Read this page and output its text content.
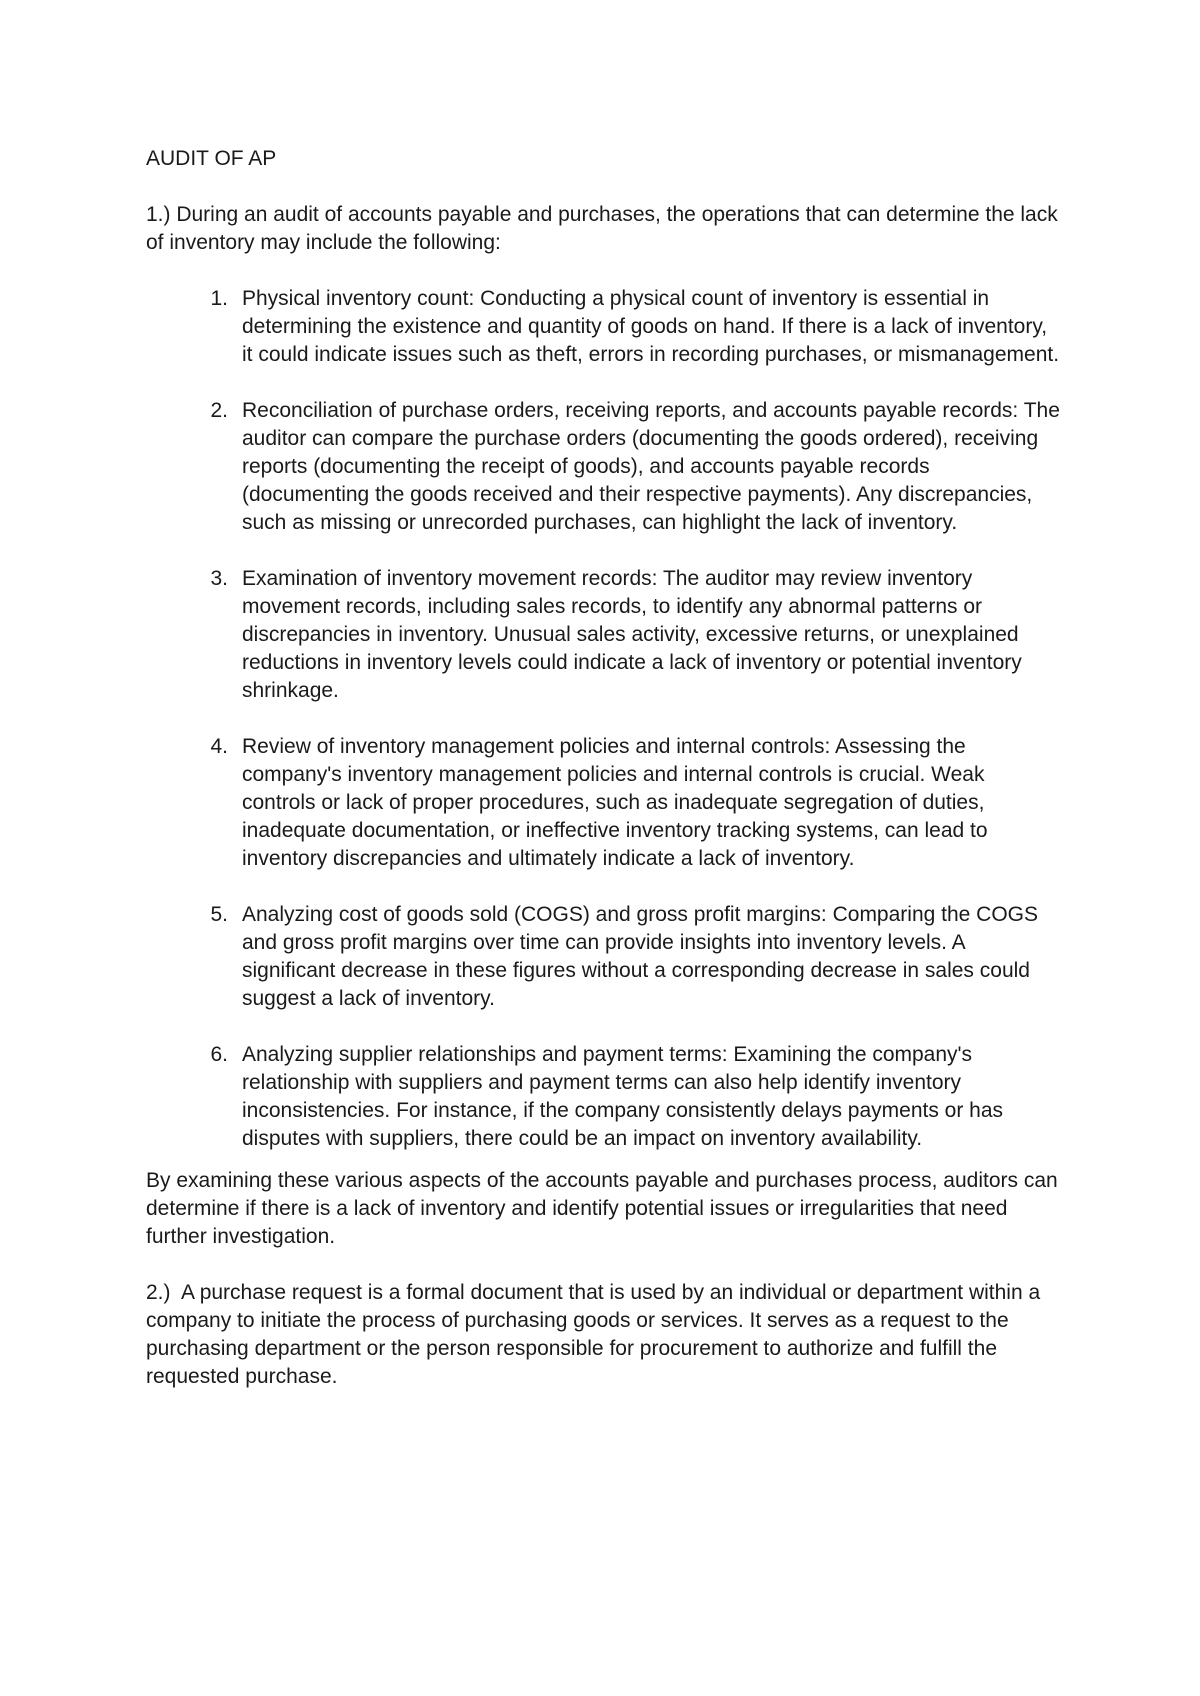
AUDIT OF AP

1.) During an audit of accounts payable and purchases, the operations that can determine the lack of inventory may include the following:

1. Physical inventory count: Conducting a physical count of inventory is essential in determining the existence and quantity of goods on hand. If there is a lack of inventory, it could indicate issues such as theft, errors in recording purchases, or mismanagement.
2. Reconciliation of purchase orders, receiving reports, and accounts payable records: The auditor can compare the purchase orders (documenting the goods ordered), receiving reports (documenting the receipt of goods), and accounts payable records (documenting the goods received and their respective payments). Any discrepancies, such as missing or unrecorded purchases, can highlight the lack of inventory.
3. Examination of inventory movement records: The auditor may review inventory movement records, including sales records, to identify any abnormal patterns or discrepancies in inventory. Unusual sales activity, excessive returns, or unexplained reductions in inventory levels could indicate a lack of inventory or potential inventory shrinkage.
4. Review of inventory management policies and internal controls: Assessing the company's inventory management policies and internal controls is crucial. Weak controls or lack of proper procedures, such as inadequate segregation of duties, inadequate documentation, or ineffective inventory tracking systems, can lead to inventory discrepancies and ultimately indicate a lack of inventory.
5. Analyzing cost of goods sold (COGS) and gross profit margins: Comparing the COGS and gross profit margins over time can provide insights into inventory levels. A significant decrease in these figures without a corresponding decrease in sales could suggest a lack of inventory.
6. Analyzing supplier relationships and payment terms: Examining the company's relationship with suppliers and payment terms can also help identify inventory inconsistencies. For instance, if the company consistently delays payments or has disputes with suppliers, there could be an impact on inventory availability.

By examining these various aspects of the accounts payable and purchases process, auditors can determine if there is a lack of inventory and identify potential issues or irregularities that need further investigation.

2.)  A purchase request is a formal document that is used by an individual or department within a company to initiate the process of purchasing goods or services. It serves as a request to the purchasing department or the person responsible for procurement to authorize and fulfill the requested purchase.
